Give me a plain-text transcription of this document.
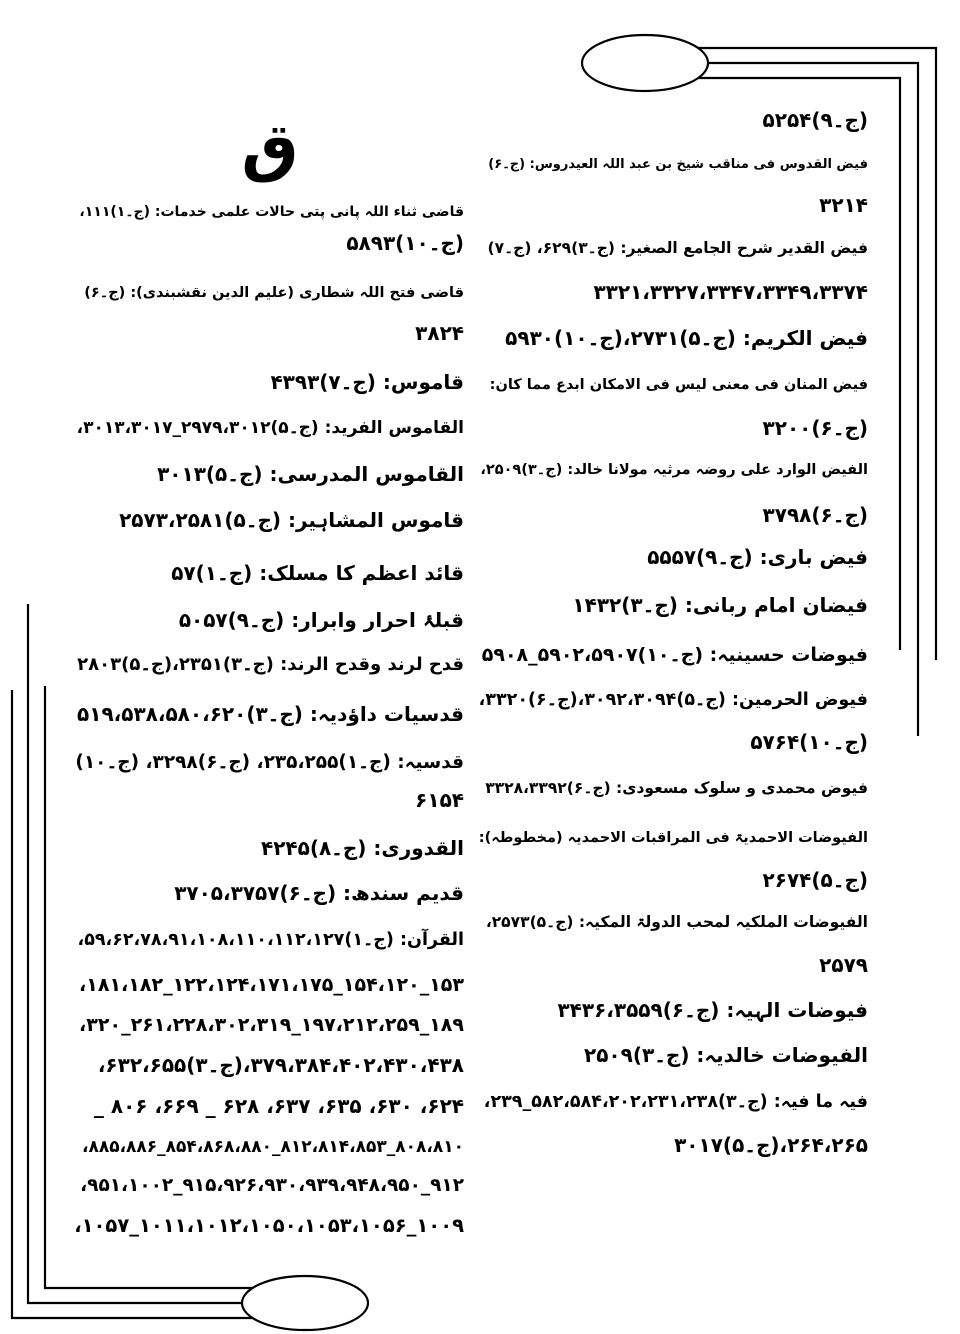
ق	(ج۔۹)۵۲۵۴
فیض القدوس فی مناقب شیخ بن عبد اللہ العیدروس: (ج۔۶)
۳۲۱۴
فیض القدیر شرح الجامع الصغیر: (ج۔۳)۶۲۹، (ج۔۷)
۳۳۲۱،۳۳۲۷،۳۳۴۷،۳۳۴۹،۳۳۷۴
فیض الکریم: (ج۔۵)۲۷۳۱،(ج۔۱۰)۵۹۳۰
فیض المنان فی معنی لیس فی الامکان ابدع مما کان:
(ج۔۶)۳۲۰۰
الفیض الوارد علی روضہ مرثیہ مولانا خالد: (ج۔۳)۲۵۰۹،
(ج۔۶)۳۷۹۸
فیض باری: (ج۔۹)۵۵۵۷
فیضان امام ربانی: (ج۔۳)۱۴۳۲
فیوضات حسینیہ: (ج۔۱۰)۵۹۰۲،۵۹۰۷_۵۹۰۸
فیوض الحرمین: (ج۔۵)۳۰۹۲،۳۰۹۴،(ج۔۶)۳۳۲۰،
(ج۔۱۰)۵۷۶۴
فیوض محمدی و سلوک مسعودی: (ج۔۶)۳۳۲۸،۳۳۹۲
الفیوضات الاحمدیۃ فی المراقبات الاحمدیہ (مخطوطہ):
(ج۔۵)۲۶۷۴
الفیوضات الملکیہ لمحب الدولۃ المکیہ: (ج۔۵)۲۵۷۳،
۲۵۷۹
فیوضات الہیہ: (ج۔۶)۳۴۳۶،۳۵۵۹
الفیوضات خالدیہ: (ج۔۳)۲۵۰۹
فیہ ما فیہ: (ج۔۳)۵۸۲،۵۸۴،۲۰۲،۲۳۱،۲۳۸_۲۳۹،
۲۶۴،۲۶۵،(ج۔۵)۳۰۱۷
قاضی ثناء اللہ پانی پتی حالات علمی خدمات: (ج۔۱)۱۱۱،
(ج۔۱۰)۵۸۹۳
قاضی فتح اللہ شطاری (علیم الدین نقشبندی): (ج۔۶)
۳۸۲۴
قاموس: (ج۔۷)۴۳۹۳
القاموس الفرید: (ج۔۵)۲۹۷۹،۳۰۱۲_۳۰۱۳،۳۰۱۷،
القاموس المدرسی: (ج۔۵)۳۰۱۳
قاموس المشاہیر: (ج۔۵)۲۵۷۳،۲۵۸۱
قائد اعظم کا مسلک: (ج۔۱)۵۷
قبلۂ احرار وابرار: (ج۔۹)۵۰۵۷
قدح لرند وقدح الرند: (ج۔۳)۲۳۵۱،(ج۔۵)۲۸۰۳
قدسیات داؤدیہ: (ج۔۳)۵۱۹،۵۳۸،۵۸۰،۶۲۰
قدسیہ: (ج۔۱)۲۳۵،۲۵۵، (ج۔۶)۳۲۹۸، (ج۔۱۰)
۶۱۵۴
القدوری: (ج۔۸)۴۲۴۵
قدیم سندھ: (ج۔۶)۳۷۰۵،۳۷۵۷
القرآن: (ج۔۱)۵۹،۶۲،۷۸،۹۱،۱۰۸،۱۱۰،۱۱۲،۱۲۷،
۱۵۳_۱۵۴،۱۲۰_۱۲۲،۱۲۴،۱۷۱،۱۷۵_۱۸۱،۱۸۲،
۱۸۹_۱۹۷،۲۱۲،۲۵۹_۲۶۱،۲۲۸،۳۰۲،۳۱۹_۳۲۰،
۳۷۹،۳۸۴،۴۰۲،۴۳۰،۴۳۸،(ج۔۳)۶۳۲،۶۵۵،
۶۲۴، ۶۳۰، ۶۳۵، ۶۳۷، ۶۲۸ _ ۶۶۹، ۸۰۶ _
۸۰۸،۸۱۰_۸۱۲،۸۱۴،۸۵۳_۸۵۴،۸۶۸،۸۸۰_۸۸۵،۸۸۶،
۹۱۲_۹۱۵،۹۲۶،۹۳۰،۹۳۹،۹۴۸،۹۵۰_۹۵۱،۱۰۰۲،
۱۰۰۹_۱۰۱۱،۱۰۱۲،۱۰۵۰،۱۰۵۳،۱۰۵۶_۱۰۵۷،
